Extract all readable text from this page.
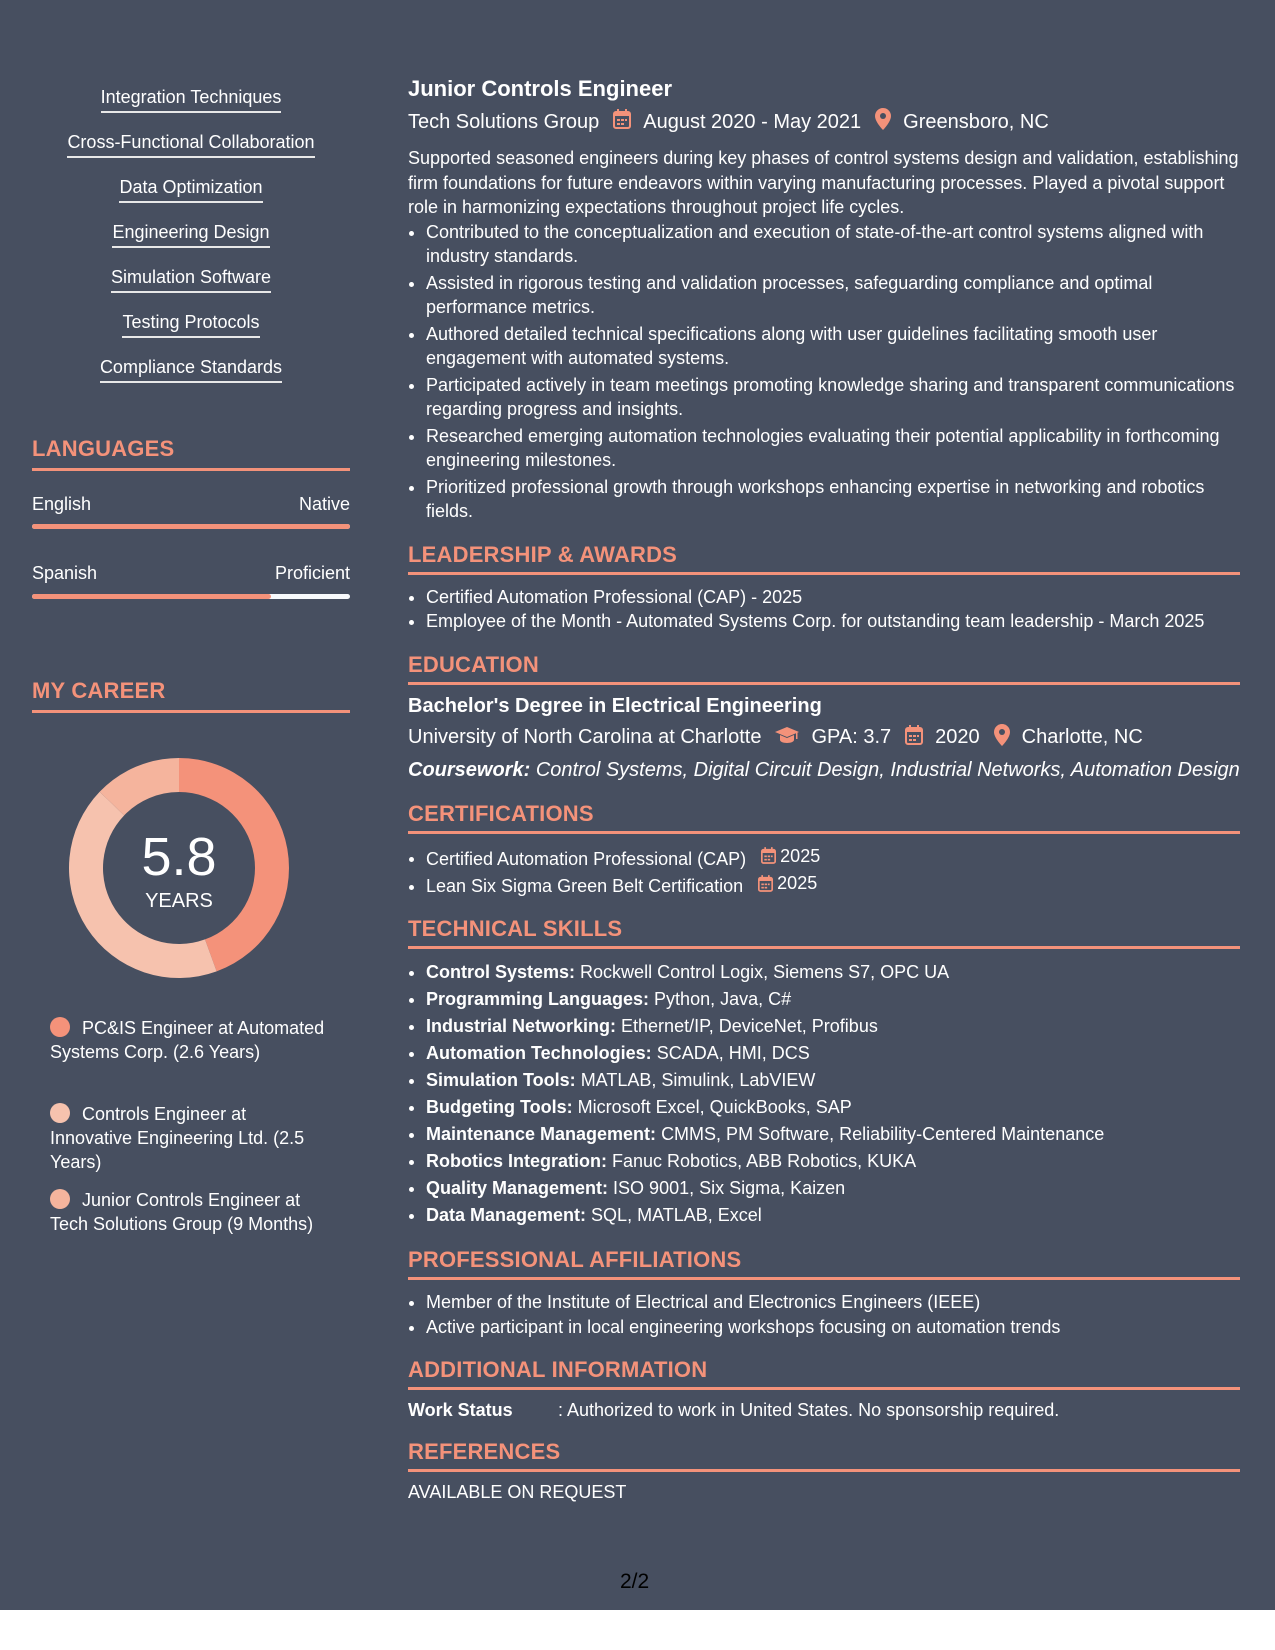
Integration Techniques
Cross-Functional Collaboration
Data Optimization
Engineering Design
Simulation Software
Testing Protocols
Compliance Standards
LANGUAGES
English	Native
Spanish	Proficient
MY CAREER
5.8
YEARS
PC&IS Engineer at Automated Systems Corp. (2.6 Years)
Controls Engineer at Innovative Engineering Ltd. (2.5 Years)
Junior Controls Engineer at Tech Solutions Group (9 Months)
Junior Controls Engineer
Tech Solutions Group August 2020 - May 2021 Greensboro, NC

Supported seasoned engineers during key phases of control systems design and validation, establishing firm foundations for future endeavors within varying manufacturing processes. Played a pivotal support role in harmonizing expectations throughout project life cycles.

• Contributed to the conceptualization and execution of state-of-the-art control systems aligned with industry standards.
• Assisted in rigorous testing and validation processes, safeguarding compliance and optimal performance metrics.
• Authored detailed technical specifications along with user guidelines facilitating smooth user engagement with automated systems.
• Participated actively in team meetings promoting knowledge sharing and transparent communications regarding progress and insights.
• Researched emerging automation technologies evaluating their potential applicability in forthcoming engineering milestones.
• Prioritized professional growth through workshops enhancing expertise in networking and robotics fields.
LEADERSHIP & AWARDS
• Certified Automation Professional (CAP) - 2025
• Employee of the Month - Automated Systems Corp. for outstanding team leadership - March 2025
EDUCATION
Bachelor's Degree in Electrical Engineering
University of North Carolina at Charlotte	GPA: 3.7 2020 Charlotte, NC
Coursework: Control Systems, Digital Circuit Design, Industrial Networks, Automation Design
CERTIFICATIONS
• Certified Automation Professional (CAP) 2025
• Lean Six Sigma Green Belt Certification 2025
TECHNICAL SKILLS
• Control Systems: Rockwell Control Logix, Siemens S7, OPC UA
• Programming Languages: Python, Java, C#
• Industrial Networking: Ethernet/IP, DeviceNet, Profibus
• Automation Technologies: SCADA, HMI, DCS
• Simulation Tools: MATLAB, Simulink, LabVIEW
• Budgeting Tools: Microsoft Excel, QuickBooks, SAP
• Maintenance Management: CMMS, PM Software, Reliability-Centered Maintenance
• Robotics Integration: Fanuc Robotics, ABB Robotics, KUKA
• Quality Management: ISO 9001, Six Sigma, Kaizen
• Data Management: SQL, MATLAB, Excel
PROFESSIONAL AFFILIATIONS
• Member of the Institute of Electrical and Electronics Engineers (IEEE)
• Active participant in local engineering workshops focusing on automation trends
ADDITIONAL INFORMATION
Work Status	: Authorized to work in United States. No sponsorship required.
REFERENCES
AVAILABLE ON REQUEST
2/2
